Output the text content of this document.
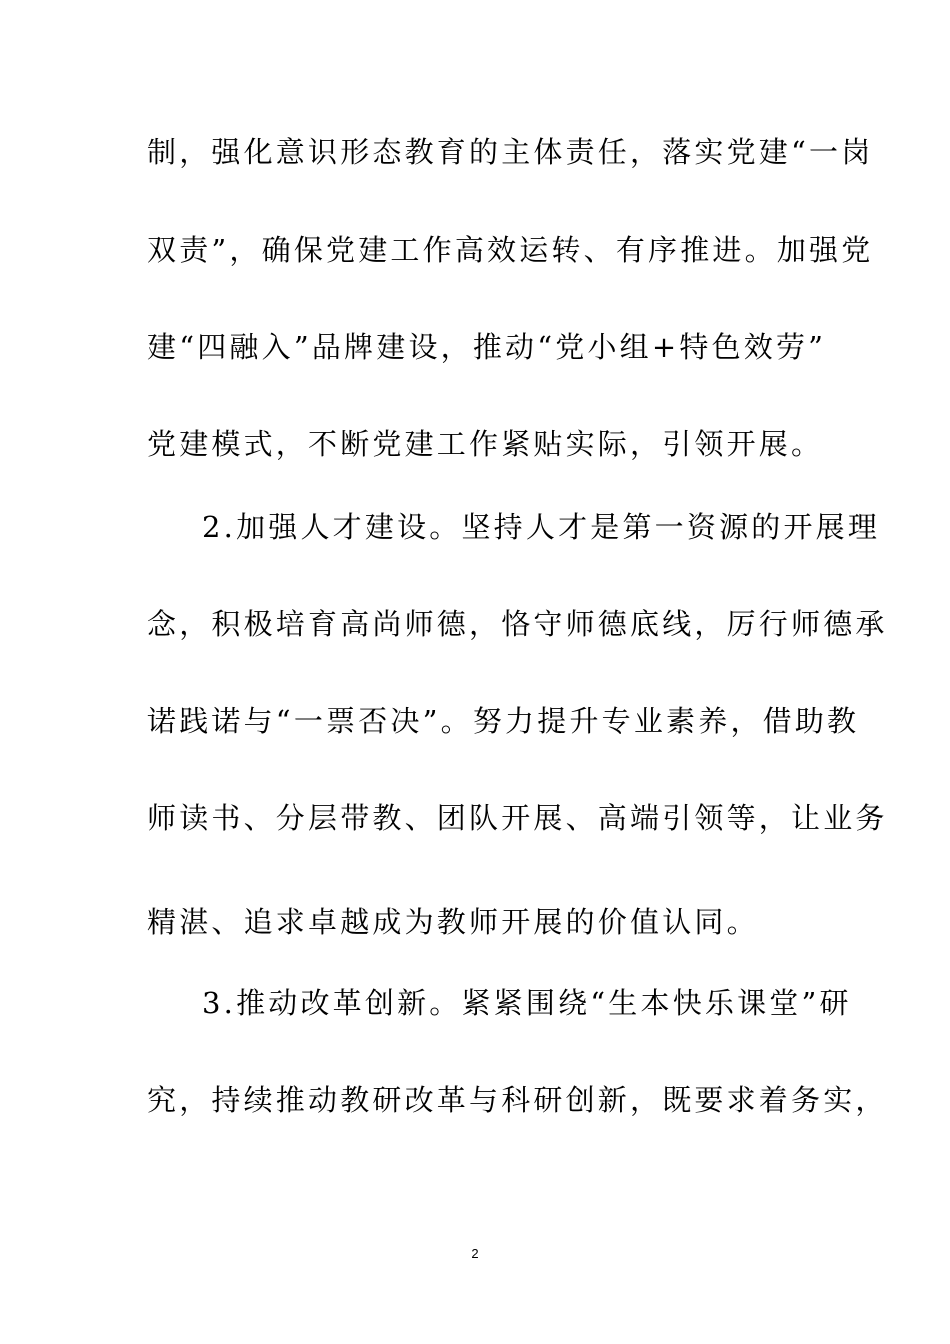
制，强化意识形态教育的主体责任，落实党建“一岗
双责”，确保党建工作高效运转、有序推进。加强党
建“四融入”品牌建设，推动“党小组+特色效劳”
党建模式，不断党建工作紧贴实际，引领开展。
2.加强人才建设。坚持人才是第一资源的开展理
念，积极培育高尚师德，恪守师德底线，厉行师德承
诺践诺与“一票否决”。努力提升专业素养，借助教
师读书、分层带教、团队开展、高端引领等，让业务
精湛、追求卓越成为教师开展的价值认同。
3.推动改革创新。紧紧围绕“生本快乐课堂”研
究，持续推动教研改革与科研创新，既要求着务实，
2
